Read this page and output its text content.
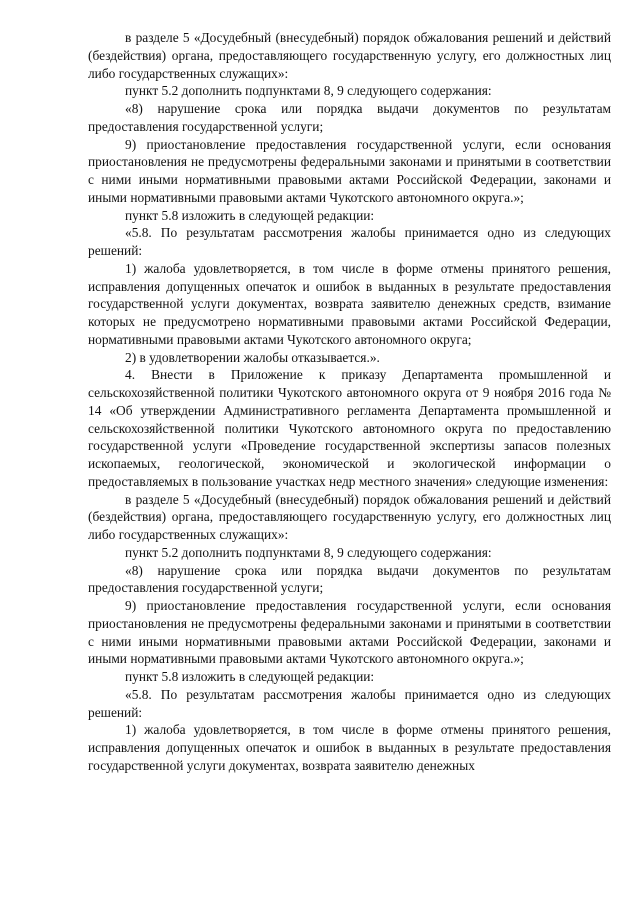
в разделе 5 «Досудебный (внесудебный) порядок обжалования решений и действий (бездействия) органа, предоставляющего государственную услугу, его должностных лиц либо государственных служащих»:

пункт 5.2 дополнить подпунктами 8, 9 следующего содержания:

«8) нарушение срока или порядка выдачи документов по результатам предоставления государственной услуги;

9) приостановление предоставления государственной услуги, если основания приостановления не предусмотрены федеральными законами и принятыми в соответствии с ними иными нормативными правовыми актами Российской Федерации, законами и иными нормативными правовыми актами Чукотского автономного округа.»;

пункт 5.8 изложить в следующей редакции:

«5.8. По результатам рассмотрения жалобы принимается одно из следующих решений:

1) жалоба удовлетворяется, в том числе в форме отмены принятого решения, исправления допущенных опечаток и ошибок в выданных в результате предоставления государственной услуги документах, возврата заявителю денежных средств, взимание которых не предусмотрено нормативными правовыми актами Российской Федерации, нормативными правовыми актами Чукотского автономного округа;

2) в удовлетворении жалобы отказывается.».

4. Внести в Приложение к приказу Департамента промышленной и сельскохозяйственной политики Чукотского автономного округа от 9 ноября 2016 года № 14 «Об утверждении Административного регламента Департамента промышленной и сельскохозяйственной политики Чукотского автономного округа по предоставлению государственной услуги «Проведение государственной экспертизы запасов полезных ископаемых, геологической, экономической и экологической информации о предоставляемых в пользование участках недр местного значения» следующие изменения:

в разделе 5 «Досудебный (внесудебный) порядок обжалования решений и действий (бездействия) органа, предоставляющего государственную услугу, его должностных лиц либо государственных служащих»:

пункт 5.2 дополнить подпунктами 8, 9 следующего содержания:

«8) нарушение срока или порядка выдачи документов по результатам предоставления государственной услуги;

9) приостановление предоставления государственной услуги, если основания приостановления не предусмотрены федеральными законами и принятыми в соответствии с ними иными нормативными правовыми актами Российской Федерации, законами и иными нормативными правовыми актами Чукотского автономного округа.»;

пункт 5.8 изложить в следующей редакции:

«5.8. По результатам рассмотрения жалобы принимается одно из следующих решений:

1) жалоба удовлетворяется, в том числе в форме отмены принятого решения, исправления допущенных опечаток и ошибок в выданных в результате предоставления государственной услуги документах, возврата заявителю денежных
